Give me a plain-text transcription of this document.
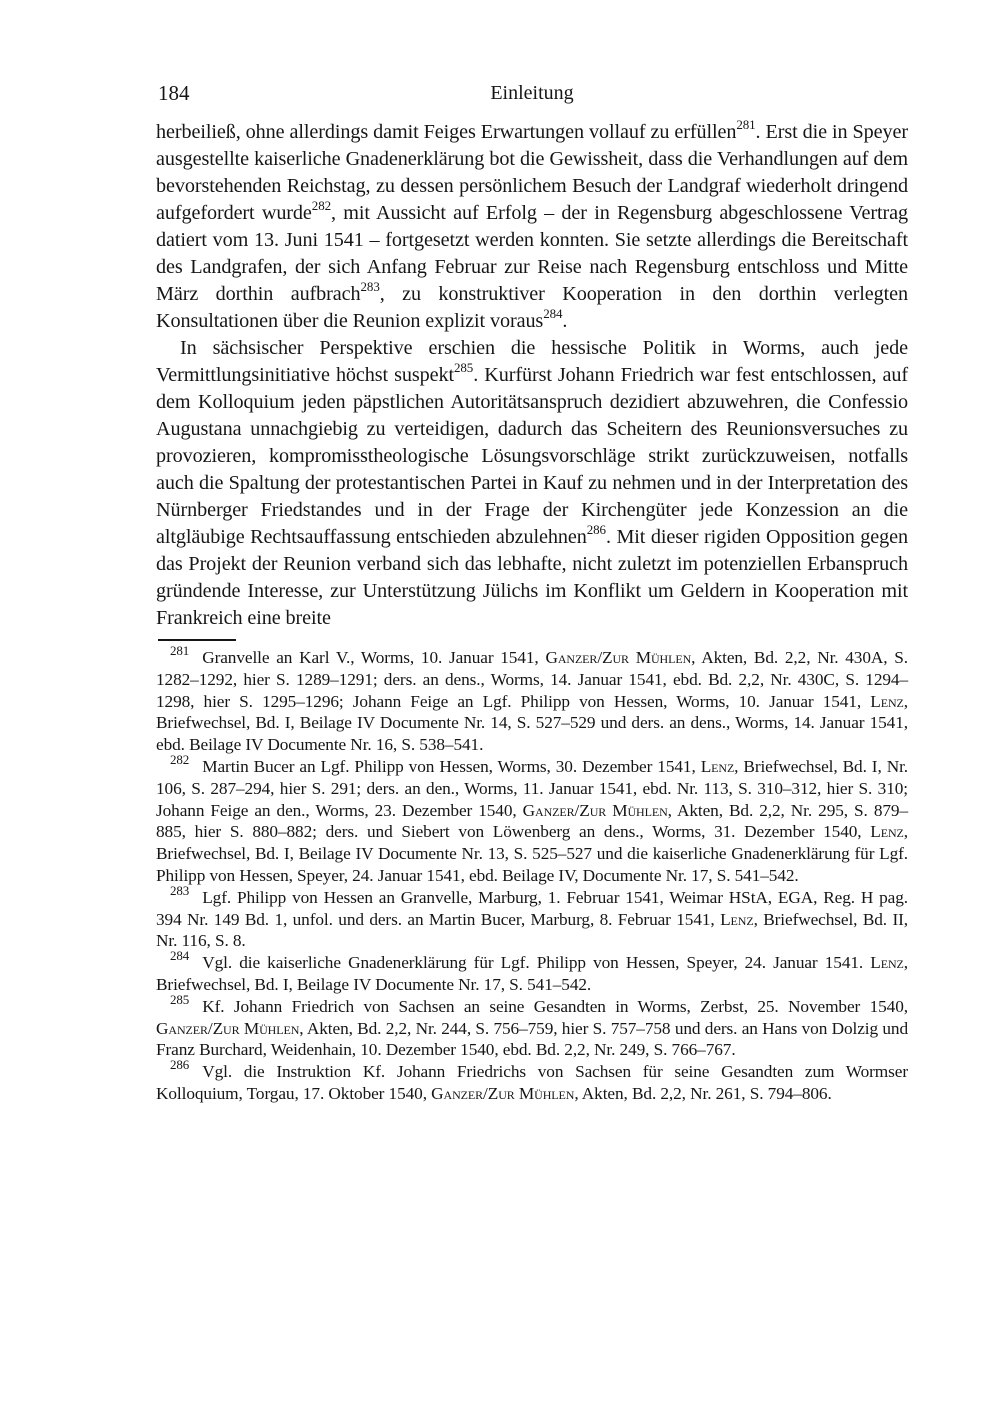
184	Einleitung

herbeiließ, ohne allerdings damit Feiges Erwartungen vollauf zu erfüllen$^{281}$. Erst die in Speyer ausgestellte kaiserliche Gnadenerklärung bot die Gewissheit, dass die Verhandlungen auf dem bevorstehenden Reichstag, zu dessen persönlichem Besuch der Landgraf wiederholt dringend aufgefordert wurde$^{282}$, mit Aussicht auf Erfolg – der in Regensburg abgeschlossene Vertrag datiert vom 13. Juni 1541 – fortgesetzt werden konnten. Sie setzte allerdings die Bereitschaft des Landgrafen, der sich Anfang Februar zur Reise nach Regensburg entschloss und Mitte März dorthin aufbrach$^{283}$, zu konstruktiver Kooperation in den dorthin verlegten Konsultationen über die Reunion explizit voraus$^{284}$.

In sächsischer Perspektive erschien die hessische Politik in Worms, auch jede Vermittlungsinitiative höchst suspekt$^{285}$. Kurfürst Johann Friedrich war fest entschlossen, auf dem Kolloquium jeden päpstlichen Autoritätsanspruch dezidiert abzuwehren, die Confessio Augustana unnachgiebig zu verteidigen, dadurch das Scheitern des Reunionsversuches zu provozieren, kompromisstheologische Lösungsvorschläge strikt zurückzuweisen, notfalls auch die Spaltung der protestantischen Partei in Kauf zu nehmen und in der Interpretation des Nürnberger Friedstandes und in der Frage der Kirchengüter jede Konzession an die altgläubige Rechtsauffassung entschieden abzulehnen$^{286}$. Mit dieser rigiden Opposition gegen das Projekt der Reunion verband sich das lebhafte, nicht zuletzt im potenziellen Erbanspruch gründende Interesse, zur Unterstützung Jülichs im Konflikt um Geldern in Kooperation mit Frankreich eine breite

$^{281}$ Granvelle an Karl V., Worms, 10. Januar 1541, Ganzer/Zur Mühlen, Akten, Bd. 2,2, Nr. 430A, S. 1282–1292, hier S. 1289–1291; ders. an dens., Worms, 14. Januar 1541, ebd. Bd. 2,2, Nr. 430C, S. 1294–1298, hier S. 1295–1296; Johann Feige an Lgf. Philipp von Hessen, Worms, 10. Januar 1541, Lenz, Briefwechsel, Bd. I, Beilage IV Documente Nr. 14, S. 527–529 und ders. an dens., Worms, 14. Januar 1541, ebd. Beilage IV Documente Nr. 16, S. 538–541.

$^{282}$ Martin Bucer an Lgf. Philipp von Hessen, Worms, 30. Dezember 1541, Lenz, Briefwechsel, Bd. I, Nr. 106, S. 287–294, hier S. 291; ders. an den., Worms, 11. Januar 1541, ebd. Nr. 113, S. 310–312, hier S. 310; Johann Feige an den., Worms, 23. Dezember 1540, Ganzer/Zur Mühlen, Akten, Bd. 2,2, Nr. 295, S. 879–885, hier S. 880–882; ders. und Siebert von Löwenberg an dens., Worms, 31. Dezember 1540, Lenz, Briefwechsel, Bd. I, Beilage IV Documente Nr. 13, S. 525–527 und die kaiserliche Gnadenerklärung für Lgf. Philipp von Hessen, Speyer, 24. Januar 1541, ebd. Beilage IV, Documente Nr. 17, S. 541–542.

$^{283}$ Lgf. Philipp von Hessen an Granvelle, Marburg, 1. Februar 1541, Weimar HStA, EGA, Reg. H pag. 394 Nr. 149 Bd. 1, unfol. und ders. an Martin Bucer, Marburg, 8. Februar 1541, Lenz, Briefwechsel, Bd. II, Nr. 116, S. 8.

$^{284}$ Vgl. die kaiserliche Gnadenerklärung für Lgf. Philipp von Hessen, Speyer, 24. Januar 1541. Lenz, Briefwechsel, Bd. I, Beilage IV Documente Nr. 17, S. 541–542.

$^{285}$ Kf. Johann Friedrich von Sachsen an seine Gesandten in Worms, Zerbst, 25. November 1540, Ganzer/Zur Mühlen, Akten, Bd. 2,2, Nr. 244, S. 756–759, hier S. 757–758 und ders. an Hans von Dolzig und Franz Burchard, Weidenhain, 10. Dezember 1540, ebd. Bd. 2,2, Nr. 249, S. 766–767.

$^{286}$ Vgl. die Instruktion Kf. Johann Friedrichs von Sachsen für seine Gesandten zum Wormser Kolloquium, Torgau, 17. Oktober 1540, Ganzer/Zur Mühlen, Akten, Bd. 2,2, Nr. 261, S. 794–806.
